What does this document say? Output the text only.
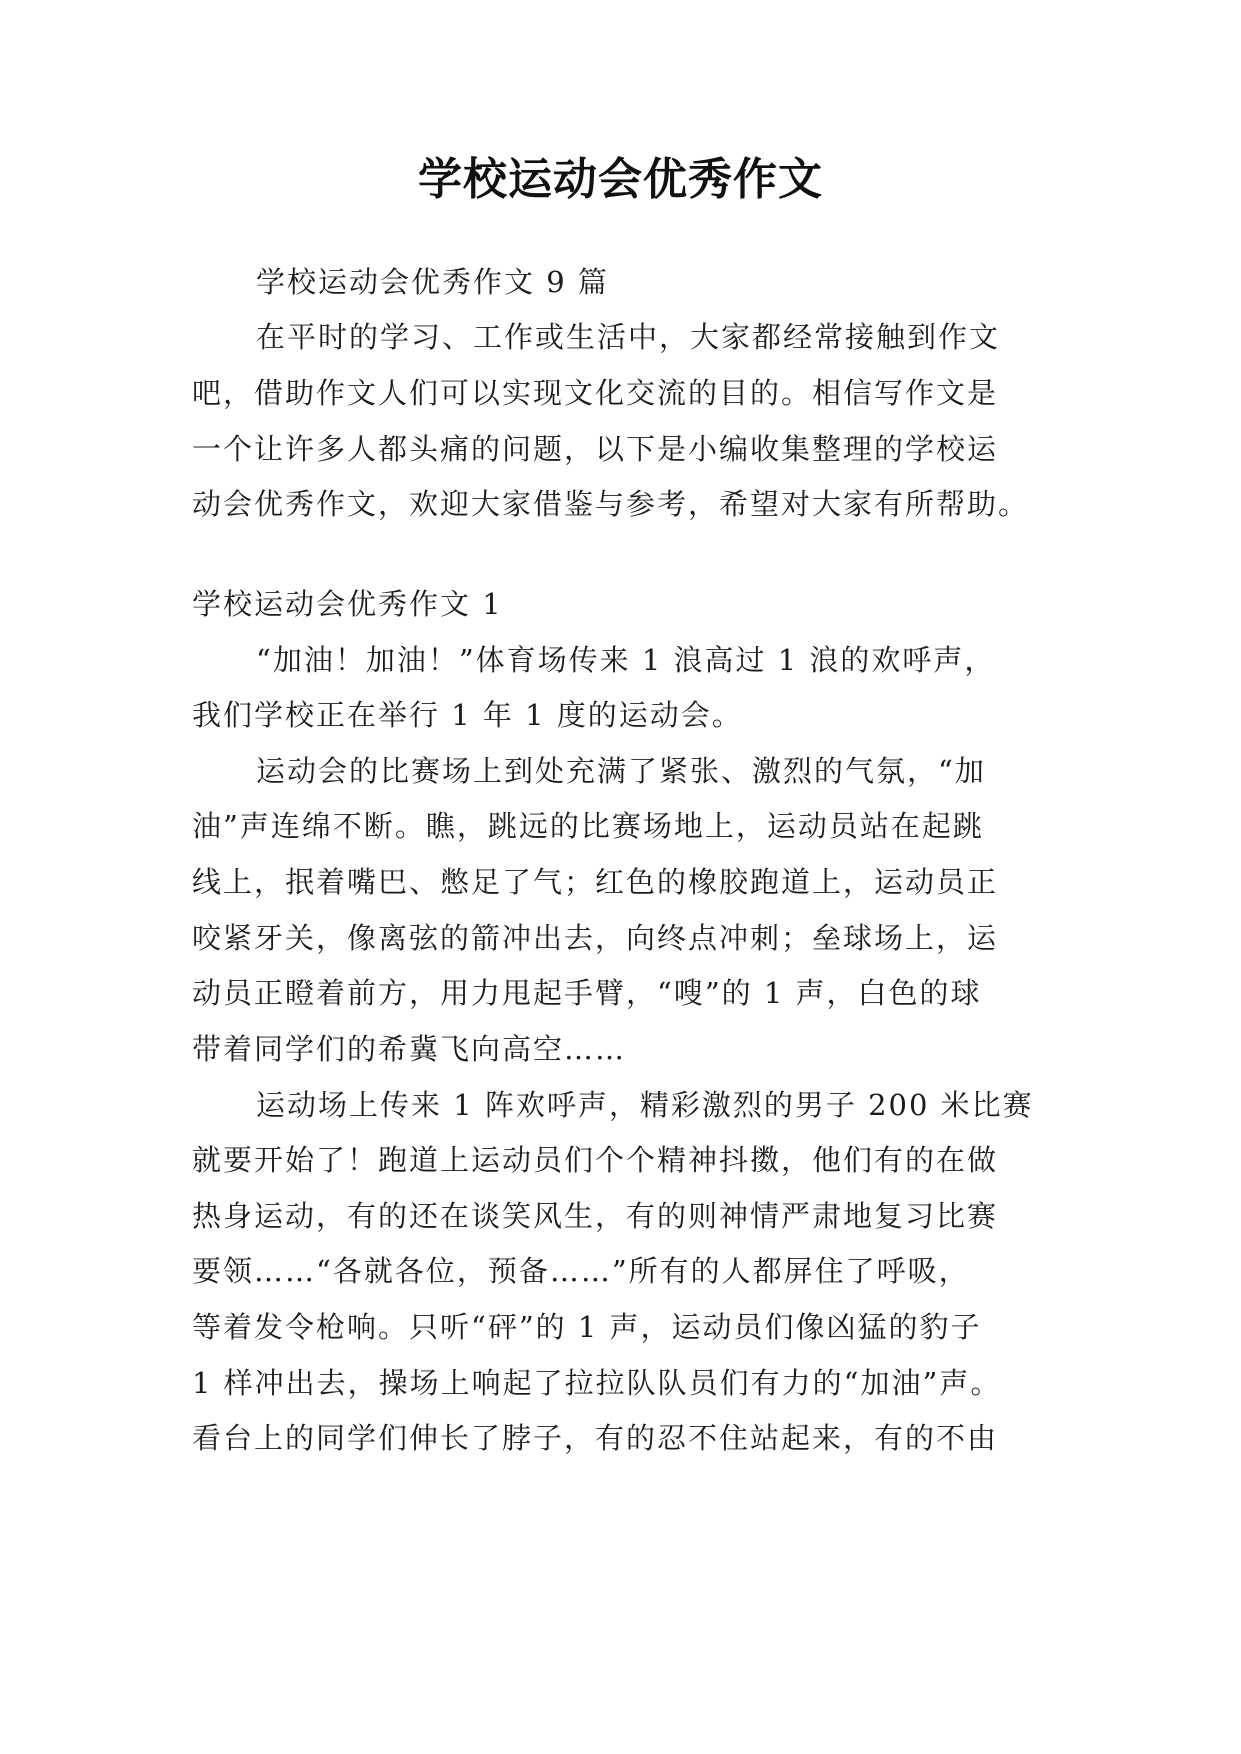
学校运动会优秀作文
学校运动会优秀作文 9 篇
在平时的学习、工作或生活中，大家都经常接触到作文
吧，借助作文人们可以实现文化交流的目的。相信写作文是
一个让许多人都头痛的问题，以下是小编收集整理的学校运
动会优秀作文，欢迎大家借鉴与参考，希望对大家有所帮助。
学校运动会优秀作文 1
“加油！加油！”体育场传来 1 浪高过 1 浪的欢呼声，
我们学校正在举行 1 年 1 度的运动会。
运动会的比赛场上到处充满了紧张、激烈的气氛，“加
油”声连绵不断。瞧，跳远的比赛场地上，运动员站在起跳
线上，抿着嘴巴、憋足了气；红色的橡胶跑道上，运动员正
咬紧牙关，像离弦的箭冲出去，向终点冲刺；垒球场上，运
动员正瞪着前方，用力甩起手臂，“嗖”的 1 声，白色的球
带着同学们的希冀飞向高空……
运动场上传来 1 阵欢呼声，精彩激烈的男子 200 米比赛
就要开始了！跑道上运动员们个个精神抖擞，他们有的在做
热身运动，有的还在谈笑风生，有的则神情严肃地复习比赛
要领……“各就各位，预备……”所有的人都屏住了呼吸，
等着发令枪响。只听“砰”的 1 声，运动员们像凶猛的豹子
1 样冲出去，操场上响起了拉拉队队员们有力的“加油”声。
看台上的同学们伸长了脖子，有的忍不住站起来，有的不由
